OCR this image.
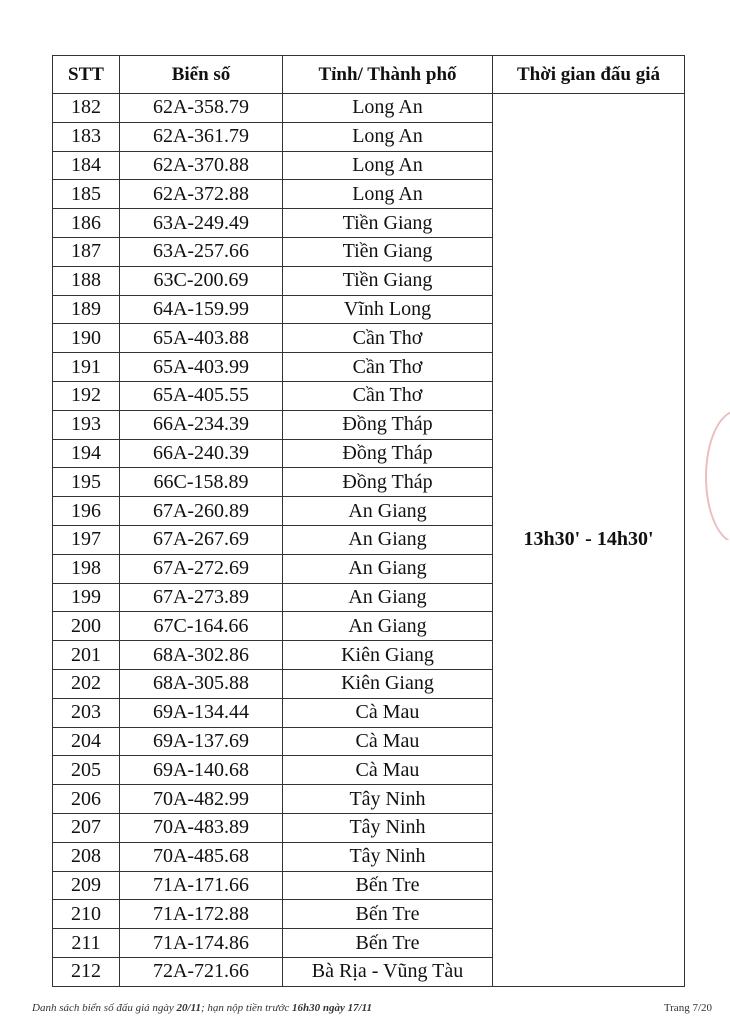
STT	Biển số	Tỉnh/ Thành phố	Thời gian đấu giá
182	62A-358.79	Long An	13h30' - 14h30'
183	62A-361.79	Long An	
184	62A-370.88	Long An	
185	62A-372.88	Long An	
186	63A-249.49	Tiền Giang	
187	63A-257.66	Tiền Giang	
188	63C-200.69	Tiền Giang	
189	64A-159.99	Vĩnh Long	
190	65A-403.88	Cần Thơ	
191	65A-403.99	Cần Thơ	
192	65A-405.55	Cần Thơ	
193	66A-234.39	Đồng Tháp	
194	66A-240.39	Đồng Tháp	
195	66C-158.89	Đồng Tháp	
196	67A-260.89	An Giang	
197	67A-267.69	An Giang	
198	67A-272.69	An Giang	
199	67A-273.89	An Giang	
200	67C-164.66	An Giang	
201	68A-302.86	Kiên Giang	
202	68A-305.88	Kiên Giang	
203	69A-134.44	Cà Mau	
204	69A-137.69	Cà Mau	
205	69A-140.68	Cà Mau	
206	70A-482.99	Tây Ninh	
207	70A-483.89	Tây Ninh	
208	70A-485.68	Tây Ninh	
209	71A-171.66	Bến Tre	
210	71A-172.88	Bến Tre	
211	71A-174.86	Bến Tre	
212	72A-721.66	Bà Rịa - Vũng Tàu	
Danh sách biển số đấu giá ngày 20/11; hạn nộp tiền trước 16h30 ngày 17/11	Trang 7/20
